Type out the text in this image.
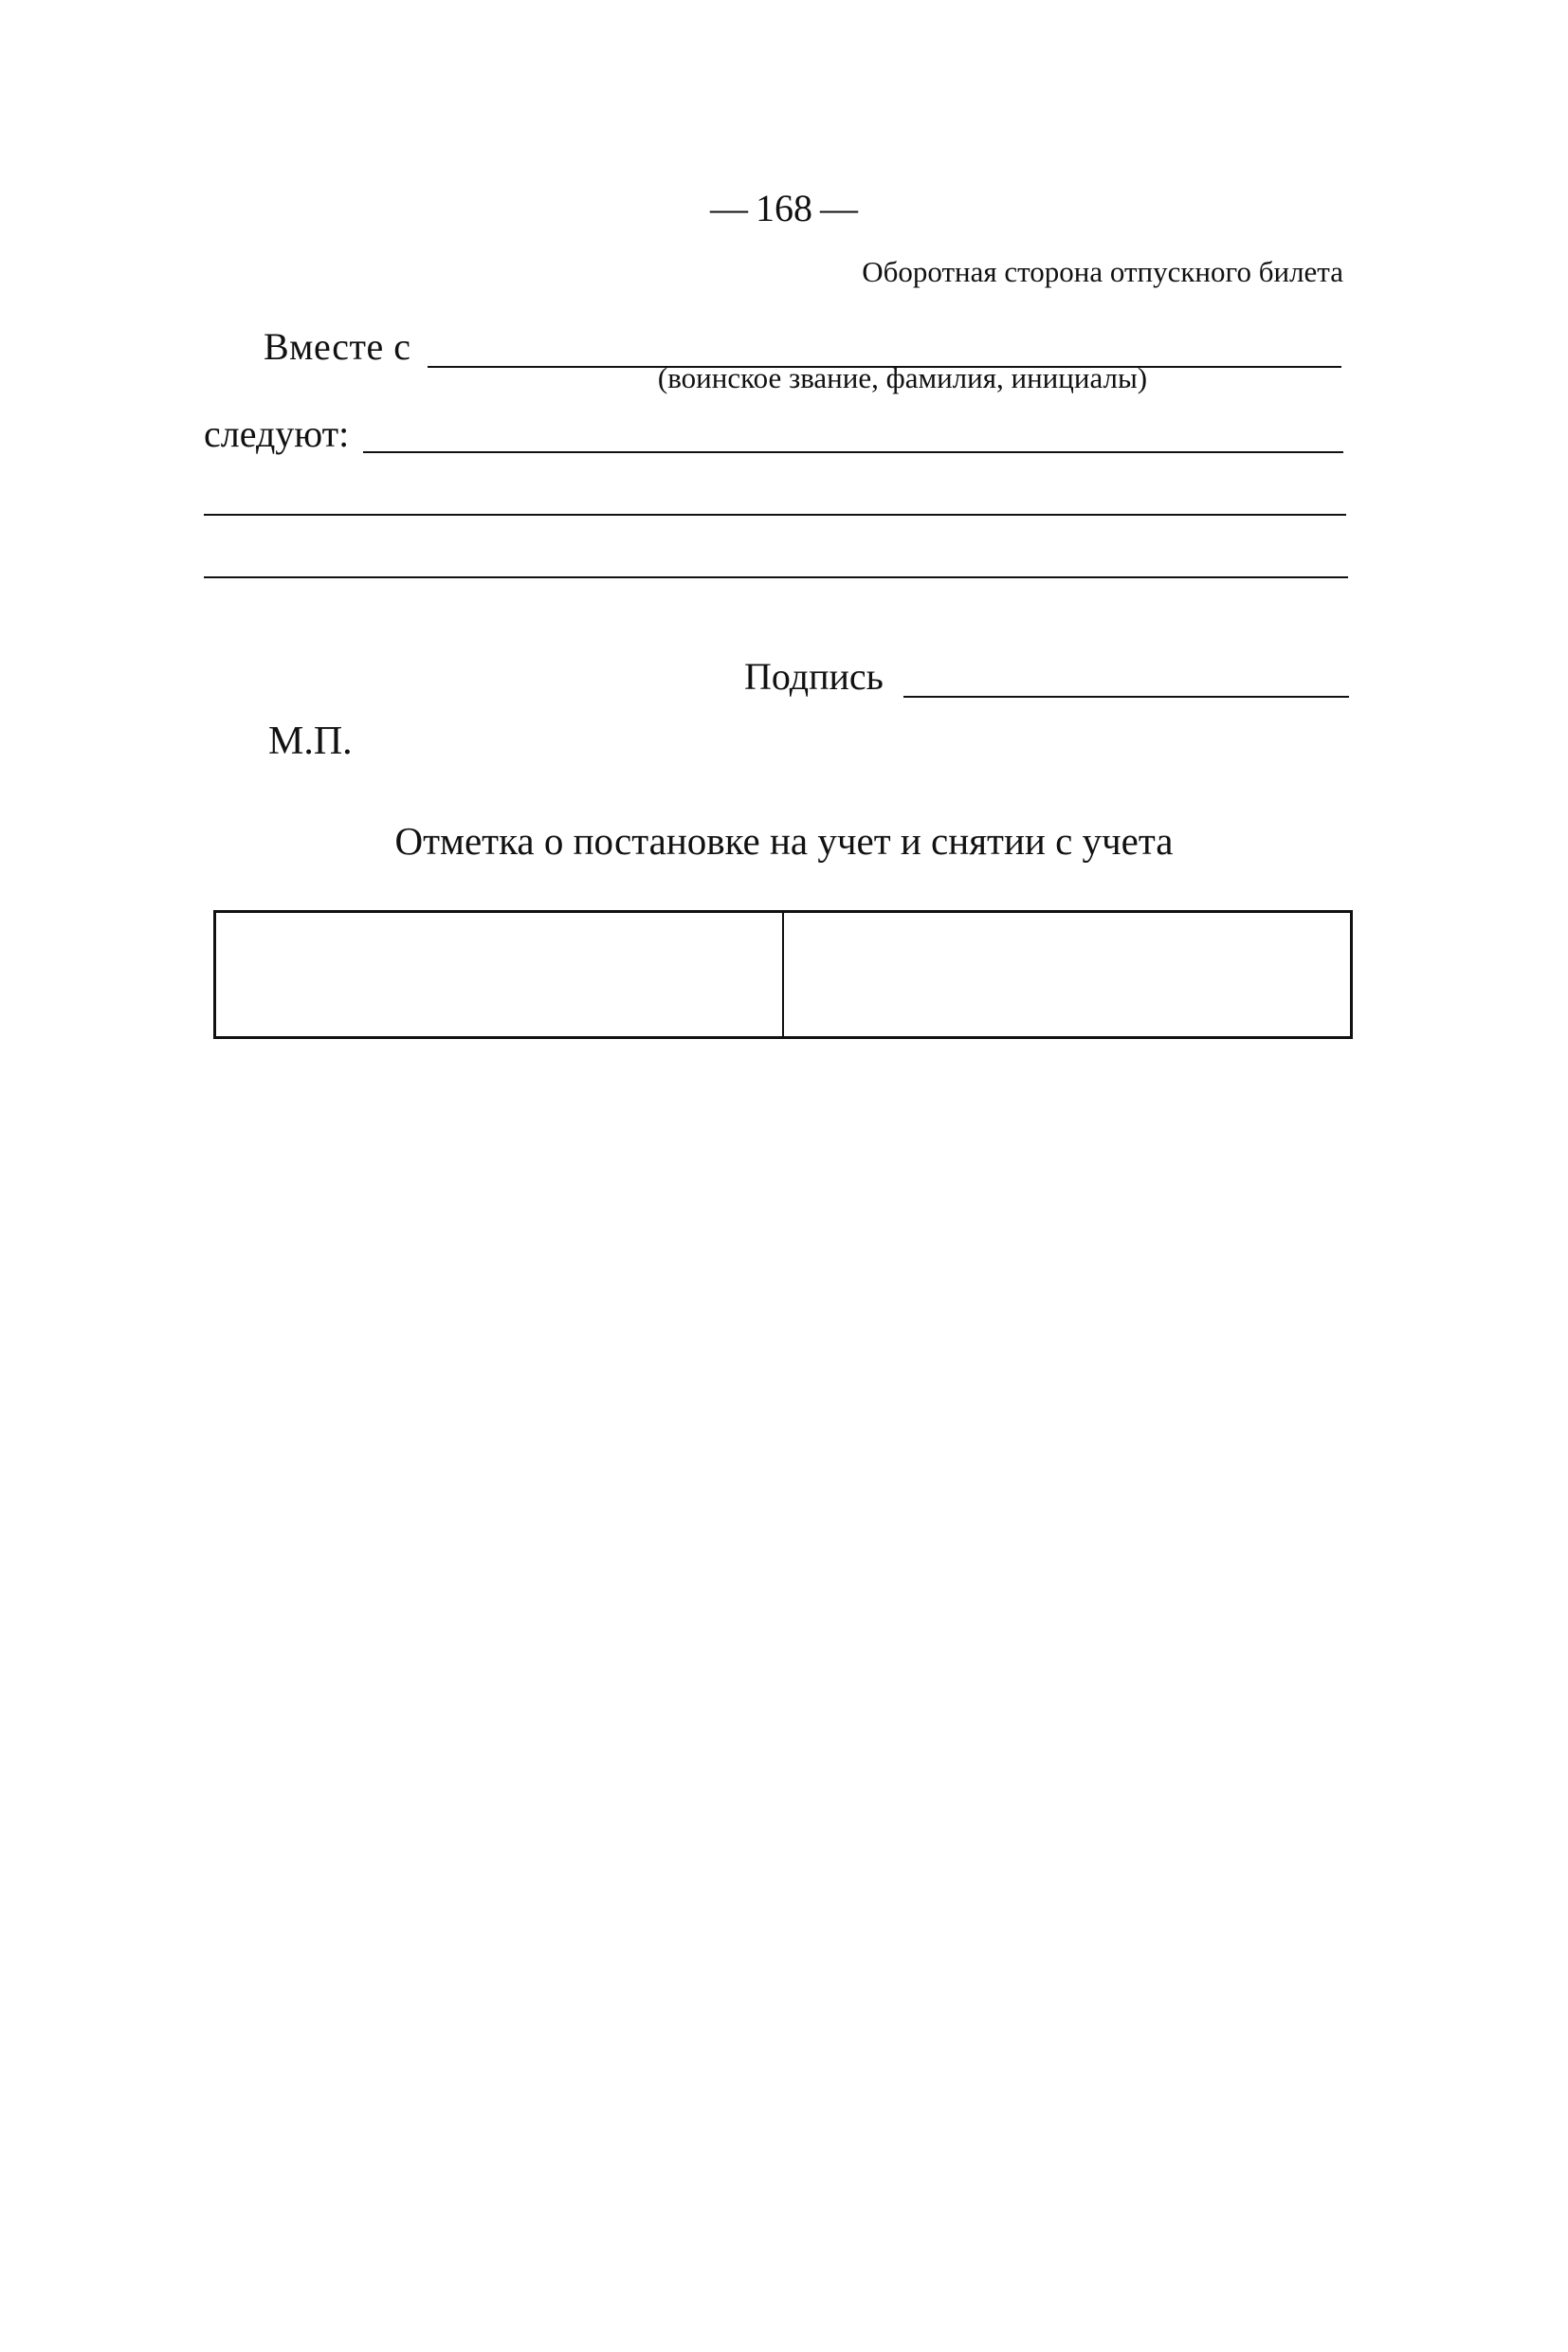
— 168 —
Оборотная сторона отпускного билета
Вместе с
(воинское звание, фамилия, инициалы)
следуют:
Подпись
М.П.
Отметка о постановке на учет и снятии с учета
